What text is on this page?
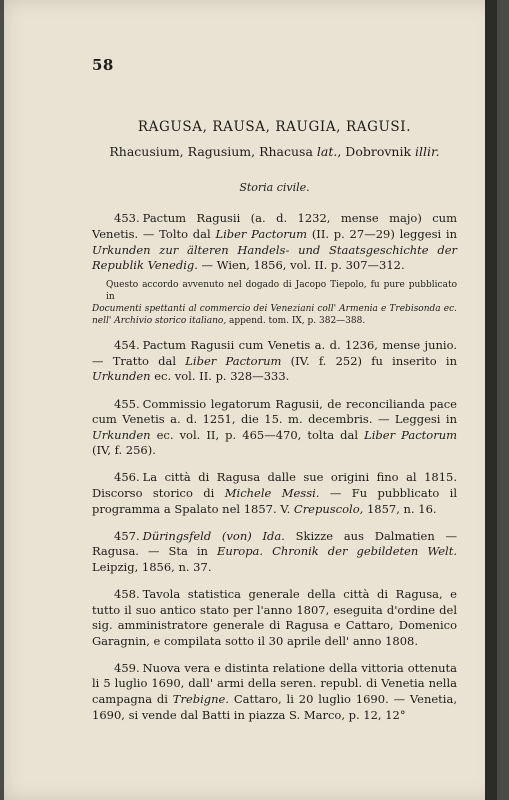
58
RAGUSA, RAUSA, RAUGIA, RAGUSI.
Rhacusium, Ragusium, Rhacusa lat., Dobrovnik illir.
Storia civile.

453. Pactum Ragusii (a. d. 1232, mense majo) cum Venetis. — Tolto dal Liber Pactorum (II. p. 27—29) leggesi in Urkunden zur älteren Handels- und Staatsgeschichte der Republik Venedig. — Wien, 1856, vol. II. p. 307—312.

Questo accordo avvenuto nel dogado di Jacopo Tiepolo, fu pure pubblicato inDocumenti spettanti al commercio dei Veneziani coll' Armenia e Trebisonda ec. nell' Archivio storico italiano, append. tom. IX, p. 382—388.

454. Pactum Ragusii cum Venetis a. d. 1236, mense junio. — Tratto dal Liber Pactorum (IV. f. 252) fu inserito in Urkunden ec. vol. II. p. 328—333.

455. Commissio legatorum Ragusii, de reconcilianda pace cum Venetis a. d. 1251, die 15. m. decembris. — Leggesi in Urkunden ec. vol. II, p. 465—470, tolta dal Liber Pactorum (IV, f. 256).

456. La città di Ragusa dalle sue origini fino al 1815. Discorso storico di Michele Messi. — Fu pubblicato il programma a Spalato nel 1857. V. Crepuscolo, 1857, n. 16.

457. Düringsfeld (von) Ida. Skizze aus Dalmatien — Ragusa. — Sta in Europa. Chronik der gebildeten Welt. Leipzig, 1856, n. 37.

458. Tavola statistica generale della città di Ragusa, e tutto il suo antico stato per l'anno 1807, eseguita d'ordine del sig. amministratore generale di Ragusa e Cattaro, Domenico Garagnin, e compilata sotto il 30 aprile dell' anno 1808.

459. Nuova vera e distinta relatione della vittoria ottenuta li 5 luglio 1690, dall' armi della seren. republ. di Venetia nella campagna di Trebigne. Cattaro, li 20 luglio 1690. — Venetia, 1690, si vende dal Batti in piazza S. Marco, p. 12, 12°
